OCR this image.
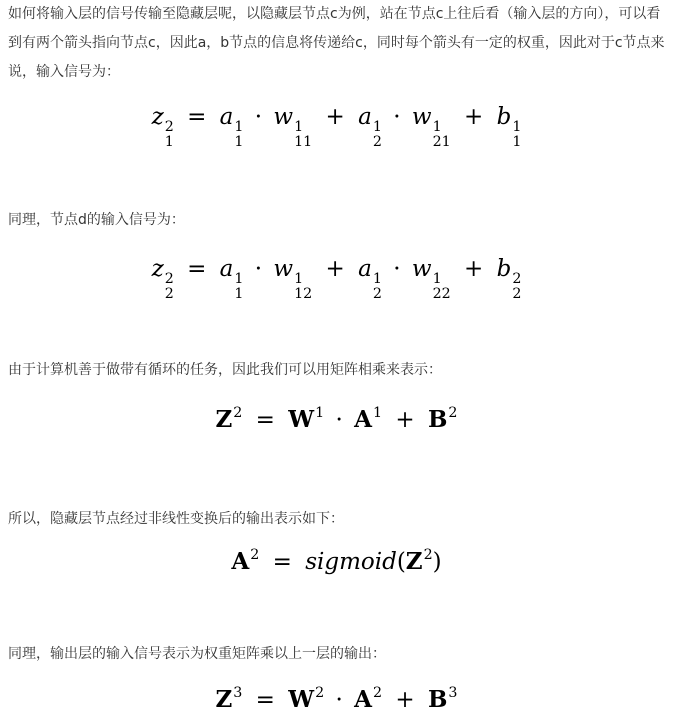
如何将输入层的信号传输至隐藏层呢，以隐藏层节点c为例，站在节点c上往后看（输入层的方向），可以看到有两个箭头指向节点c，因此a，b节点的信息将传递给c，同时每个箭头有一定的权重，因此对于c节点来说，输入信号为：

z 2
1
= a 1
1
· w 1
11
+ a 1
2
· w 1
21
+ b 1
1

同理，节点d的输入信号为：

z 2
2
= a 1
1
· w 1
12
+ a 1
2
· w 1
22
+ b 2
2

由于计算机善于做带有循环的任务，因此我们可以用矩阵相乘来表示：

$Z^2 = W^1 \cdot A^1 + B^2$

所以，隐藏层节点经过非线性变换后的输出表示如下：

$A^2$ = $sigmoid(Z^2)$

同理，输出层的输入信号表示为权重矩阵乘以上一层的输出：

$Z^3 = W^2 \cdot A^2 + B^3$
